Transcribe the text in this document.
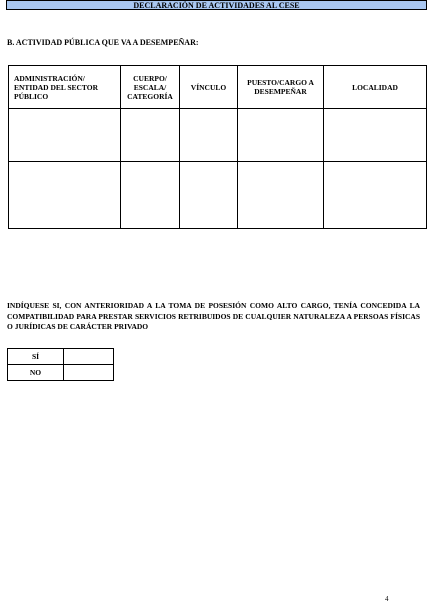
DECLARACIÓN DE ACTIVIDADES AL CESE
B. ACTIVIDAD PÚBLICA QUE VA A DESEMPEÑAR:
ADMINISTRACIÓN/ ENTIDAD DEL SECTOR PÚBLICO	CUERPO/ ESCALA/ CATEGORÍA	VÍNCULO	PUESTO/CARGO A DESEMPEÑAR	LOCALIDAD

INDÍQUESE SI, CON ANTERIORIDAD A LA TOMA DE POSESIÓN COMO ALTO CARGO, TENÍA CONCEDIDA LA COMPATIBILIDAD PARA PRESTAR SERVICIOS RETRIBUIDOS DE CUALQUIER NATURALEZA A PERSOAS FÍSICAS O JURÍDICAS DE CARÁCTER PRIVADO
SÍ	
NO	
4
